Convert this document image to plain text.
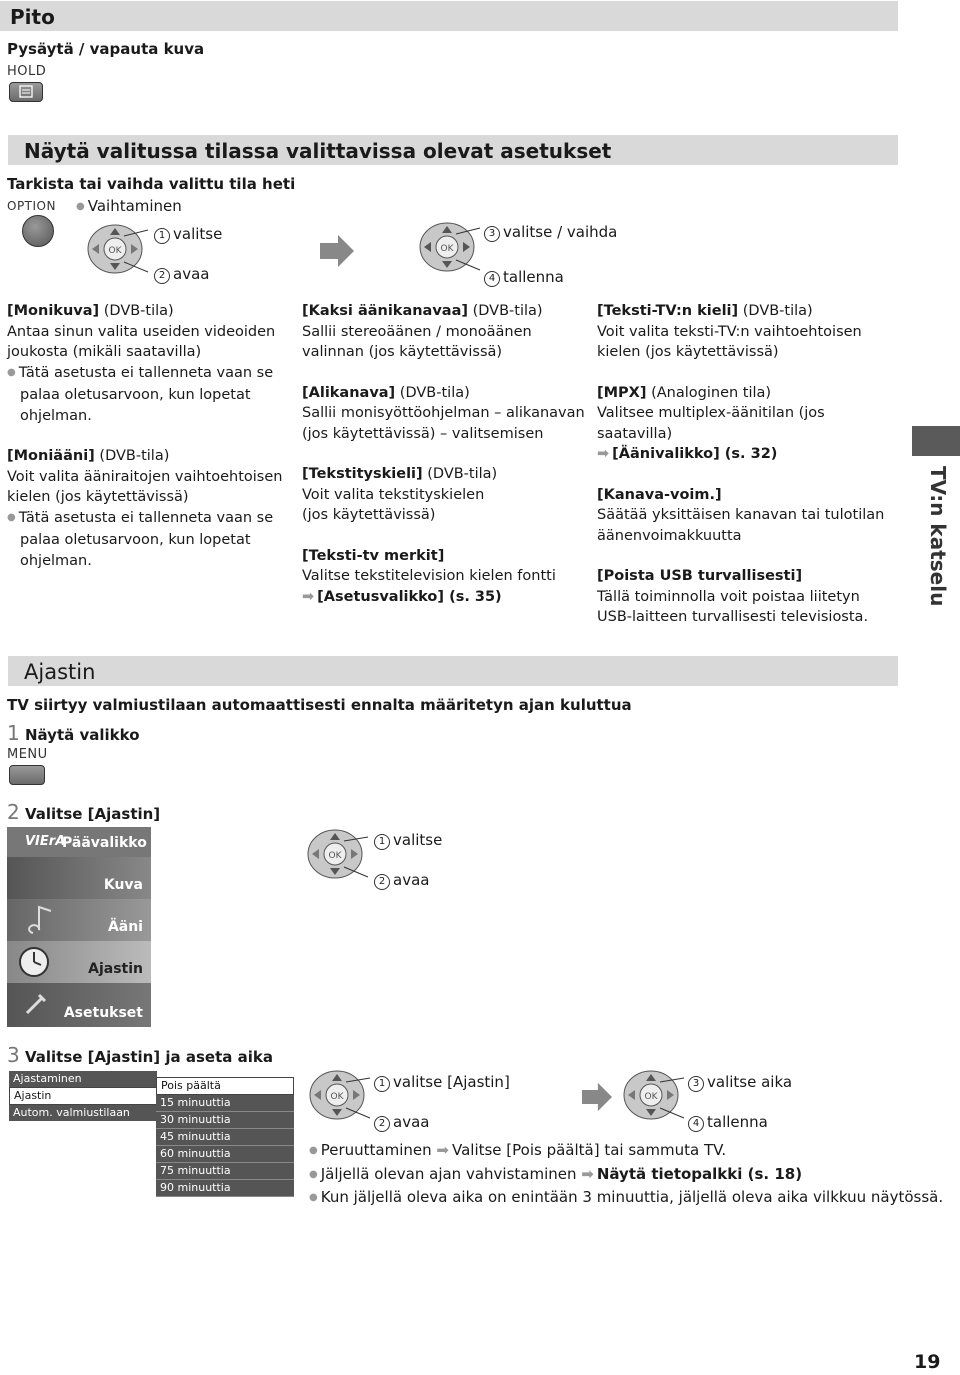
Pito
Pysäytä / vapauta kuva
HOLD
Näytä valitussa tilassa valittavissa olevat asetukset
Tarkista tai vaihda valittu tila heti
OPTION
●	Vaihtaminen
OK
1 valitse
2 avaa
OK
3 valitse / vaihda
4 tallenna

[Monikuva] (DVB-tila)
Antaa sinun valita useiden videoiden
joukosta (mikäli saatavilla)
● Tätä asetusta ei tallenneta vaan se
palaa oletusarvoon, kun lopetat
ohjelman.

[Moniääni] (DVB-tila)
Voit valita ääniraitojen vaihtoehtoisen
kielen (jos käytettävissä)
● Tätä asetusta ei tallenneta vaan se
palaa oletusarvoon, kun lopetat
ohjelman.

[Kaksi äänikanavaa] (DVB-tila)
Sallii stereoäänen / monoäänen
valinnan (jos käytettävissä)

[Alikanava] (DVB-tila)
Sallii monisyöttöohjelman – alikanavan
(jos käytettävissä) – valitsemisen

[Tekstityskieli] (DVB-tila)
Voit valita tekstityskielen
(jos käytettävissä)

[Teksti-tv merkit]
Valitse tekstitelevision kielen fontti
➡ [Asetusvalikko] (s. 35)

[Teksti-TV:n kieli] (DVB-tila)
Voit valita teksti-TV:n vaihtoehtoisen
kielen (jos käytettävissä)

[MPX] (Analoginen tila)
Valitsee multiplex-äänitilan (jos
saatavilla)
➡ [Äänivalikko] (s. 32)

[Kanava-voim.]
Säätää yksittäisen kanavan tai tulotilan
äänenvoimakkuutta

[Poista USB turvallisesti]
Tällä toiminnolla voit poistaa liitetyn
USB-laitteen turvallisesti televisiosta.

TV:n katselu
Ajastin
TV siirtyy valmiustilaan automaattisesti ennalta määritetyn ajan kuluttua
1 Näytä valikko
MENU
2 Valitse [Ajastin]
VIErA
Päävalikko
Kuva
Ääni
Ajastin
Asetukset
OK
1 valitse
2 avaa
3 Valitse [Ajastin] ja aseta aika
Ajastaminen
Ajastin
Autom. valmiustilaan
Pois päältä
15 minuuttia
30 minuuttia
45 minuuttia
60 minuuttia
75 minuuttia
90 minuuttia
OK
1 valitse [Ajastin]
2 avaa
OK
3 valitse aika
4 tallenna
● Peruuttaminen ➡ Valitse [Pois päältä] tai sammuta TV.
● Jäljellä olevan ajan vahvistaminen ➡ Näytä tietopalkki (s. 18)
● Kun jäljellä oleva aika on enintään 3 minuuttia, jäljellä oleva aika vilkkuu näytössä.
19
